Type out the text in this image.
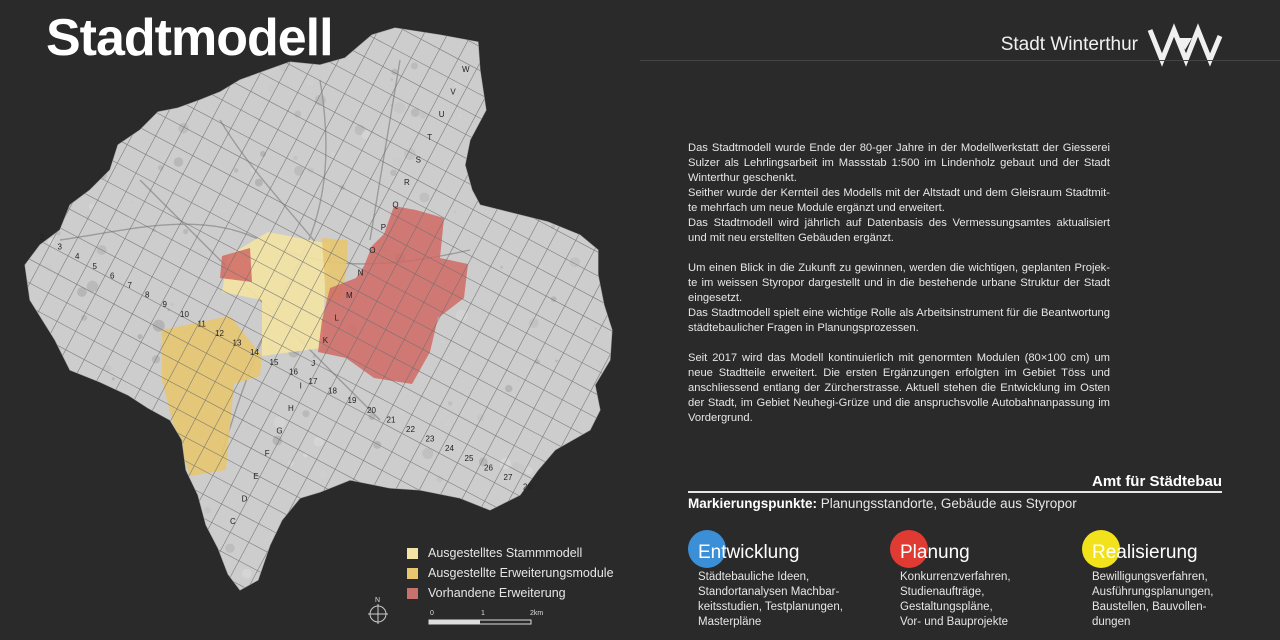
2
3
4
5
6
7
8
9
10
11
12
13
14
15
16
17
18
19
20
21
22
23
24
25
26
27
28
W
V
U
T
S
R
Q
P
O
N
M
L
K
J
I
H
G
F
E
D
C
N
Stadtmodell	Stadt Winterthur

Das Stadtmodell wurde Ende der 80-ger Jahre in der Modellwerkstatt der Giesserei Sulzer als Lehrlingsarbeit im Massstab 1:500 im Lindenholz gebaut und der Stadt Winterthur geschenkt.

Seither wurde der Kernteil des Modells mit der Altstadt und dem Gleisraum Stadtmit-te mehrfach um neue Module ergänzt und erweitert.

Das Stadtmodell wird jährlich auf Datenbasis des Vermessungsamtes aktualisiert und mit neu erstellten Gebäuden ergänzt.

Um einen Blick in die Zukunft zu gewinnen, werden die wichtigen, geplanten Projek-te im weissen Styropor dargestellt und in die bestehende urbane Struktur der Stadt eingesetzt.

Das Stadtmodell spielt eine wichtige Rolle als Arbeitsinstrument für die Beantwortung städtebaulicher Fragen in Planungsprozessen.

Seit 2017 wird das Modell kontinuierlich mit genormten Modulen (80×100 cm) um neue Stadtteile erweitert. Die ersten Ergänzungen erfolgten im Gebiet Töss und anschliessend entlang der Zürcherstrasse. Aktuell stehen die Entwicklung im Osten der Stadt, im Gebiet Neuhegi-Grüze und die anspruchsvolle Autobahnanpassung im Vordergrund.

Amt für Städtebau
Markierungspunkte: Planungsstandorte, Gebäude aus Styropor
Entwicklung
Städtebauliche Ideen,
Standortanalysen Machbar-
keitsstudien, Testplanungen,
Masterpläne
Planung
Konkurrenzverfahren,
Studienaufträge,
Gestaltungspläne,
Vor- und Bauprojekte
Realisierung
Bewilligungsverfahren,
Ausführungsplanungen,
Baustellen, Bauvollen-
dungen
Ausgestelltes Stammmodell
Ausgestellte Erweiterungsmodule
Vorhandene Erweiterung
0	1	2km
